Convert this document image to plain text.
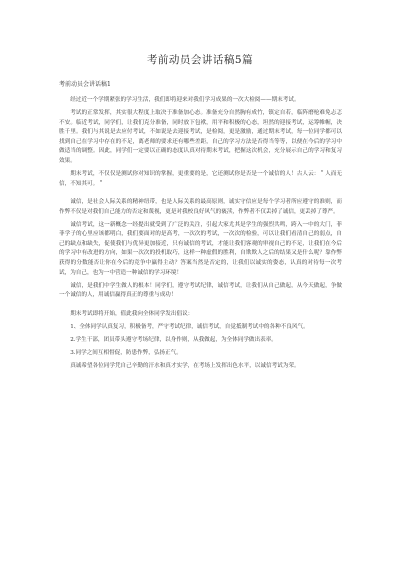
考前动员会讲话稿5篇
考前动员会讲话稿1

经过近一个学期紧张的学习生活，我们即将迎来对我们学习成果的一次大检阅——期末考试。

考试的正常发挥，其实很大程度上取决于准备加心态。准备充分自然胸有成竹，镇定自若，临阵磨枪难免忐忑不安。临近考试，同学们，让我们克分准备，同时放下包袱，用平和积极的心态，坦然的迎接考试，运筹帷幄，决胜千里。我们与其说是去应付考试，不如说是去迎接考试，是检阅，更是激励，通过期末考试，每一位同学都可以找到自己在学习中存在的不足，离老师的要求还有哪些差距，自己的学习方法是否得当等等，以便在今后的学习中做适当的调整。因此，同学们一定要以正确的态度认真对待期末考试，把握这次机会，充分展示自己的学习和复习效果。

期末考试，不仅仅是测试你对知识的掌握，更重要的是，它还测试你是否是一个诚信的人！古人云：＂人而无信，不知其可。＂

诚信，是社会人际关系的精神纽带，也是人际关系的最高原则，诚实守信应是每个学习者所应遵守的准则，而作弊不仅是对我们自己能力的否定和蔑视，更是对我校良好风气的亵渎，作弊者不仅丢掉了诚信，更丢掉了尊严。

诚信考试，这一新概念一经提出就受到了广泛的关注，引起大家尤其是学生的强烈共鸣，跨入一中的大门，菲菲学子的心里应该都明白，我们要面对的是高考，一次次的考试，一次次的检验，可以让我们看清自己的弱点，自己的缺点和缺失，促使我们与优异更加接近，只有诚信的考试，才能让我们客观的审视自己的不足，让我们在今后的学习中有改进的方向，如果一次次的投机取巧，这样一种虚假的胜利，自欺欺人之后的结果又是什么呢？靠作弊获得的分数能否让你在今后的竞争中赢得主动？答案当然是否定的，让我们以诚实的姿态，认真的对待每一次考试，为自己，也为一中营造一种诚信的学习环境！

诚信，是我们中学生做人的根本！同学们，遵守考试纪律，诚信考试，让我们从自己做起，从今天做起，争做一个诚信的人，用诚信赢得真正的尊重与成功！

期末考试即将开始，值此我向全体同学发出倡议：

1、全体同学认真复习，积极备考，严守考试纪律，诚信考试，自觉抵制考试中的各种不良风气。

2.学生干部，团员带头遵守考场纪律，以身作则，从我做起，为全体同学做出表率。

3.同学之间互相督促，防患作弊，弘扬正气。

真诚希望各位同学凭自己辛勤的汗水和真才实学，在考场上发挥出色水平，以诚信考试为荣。
